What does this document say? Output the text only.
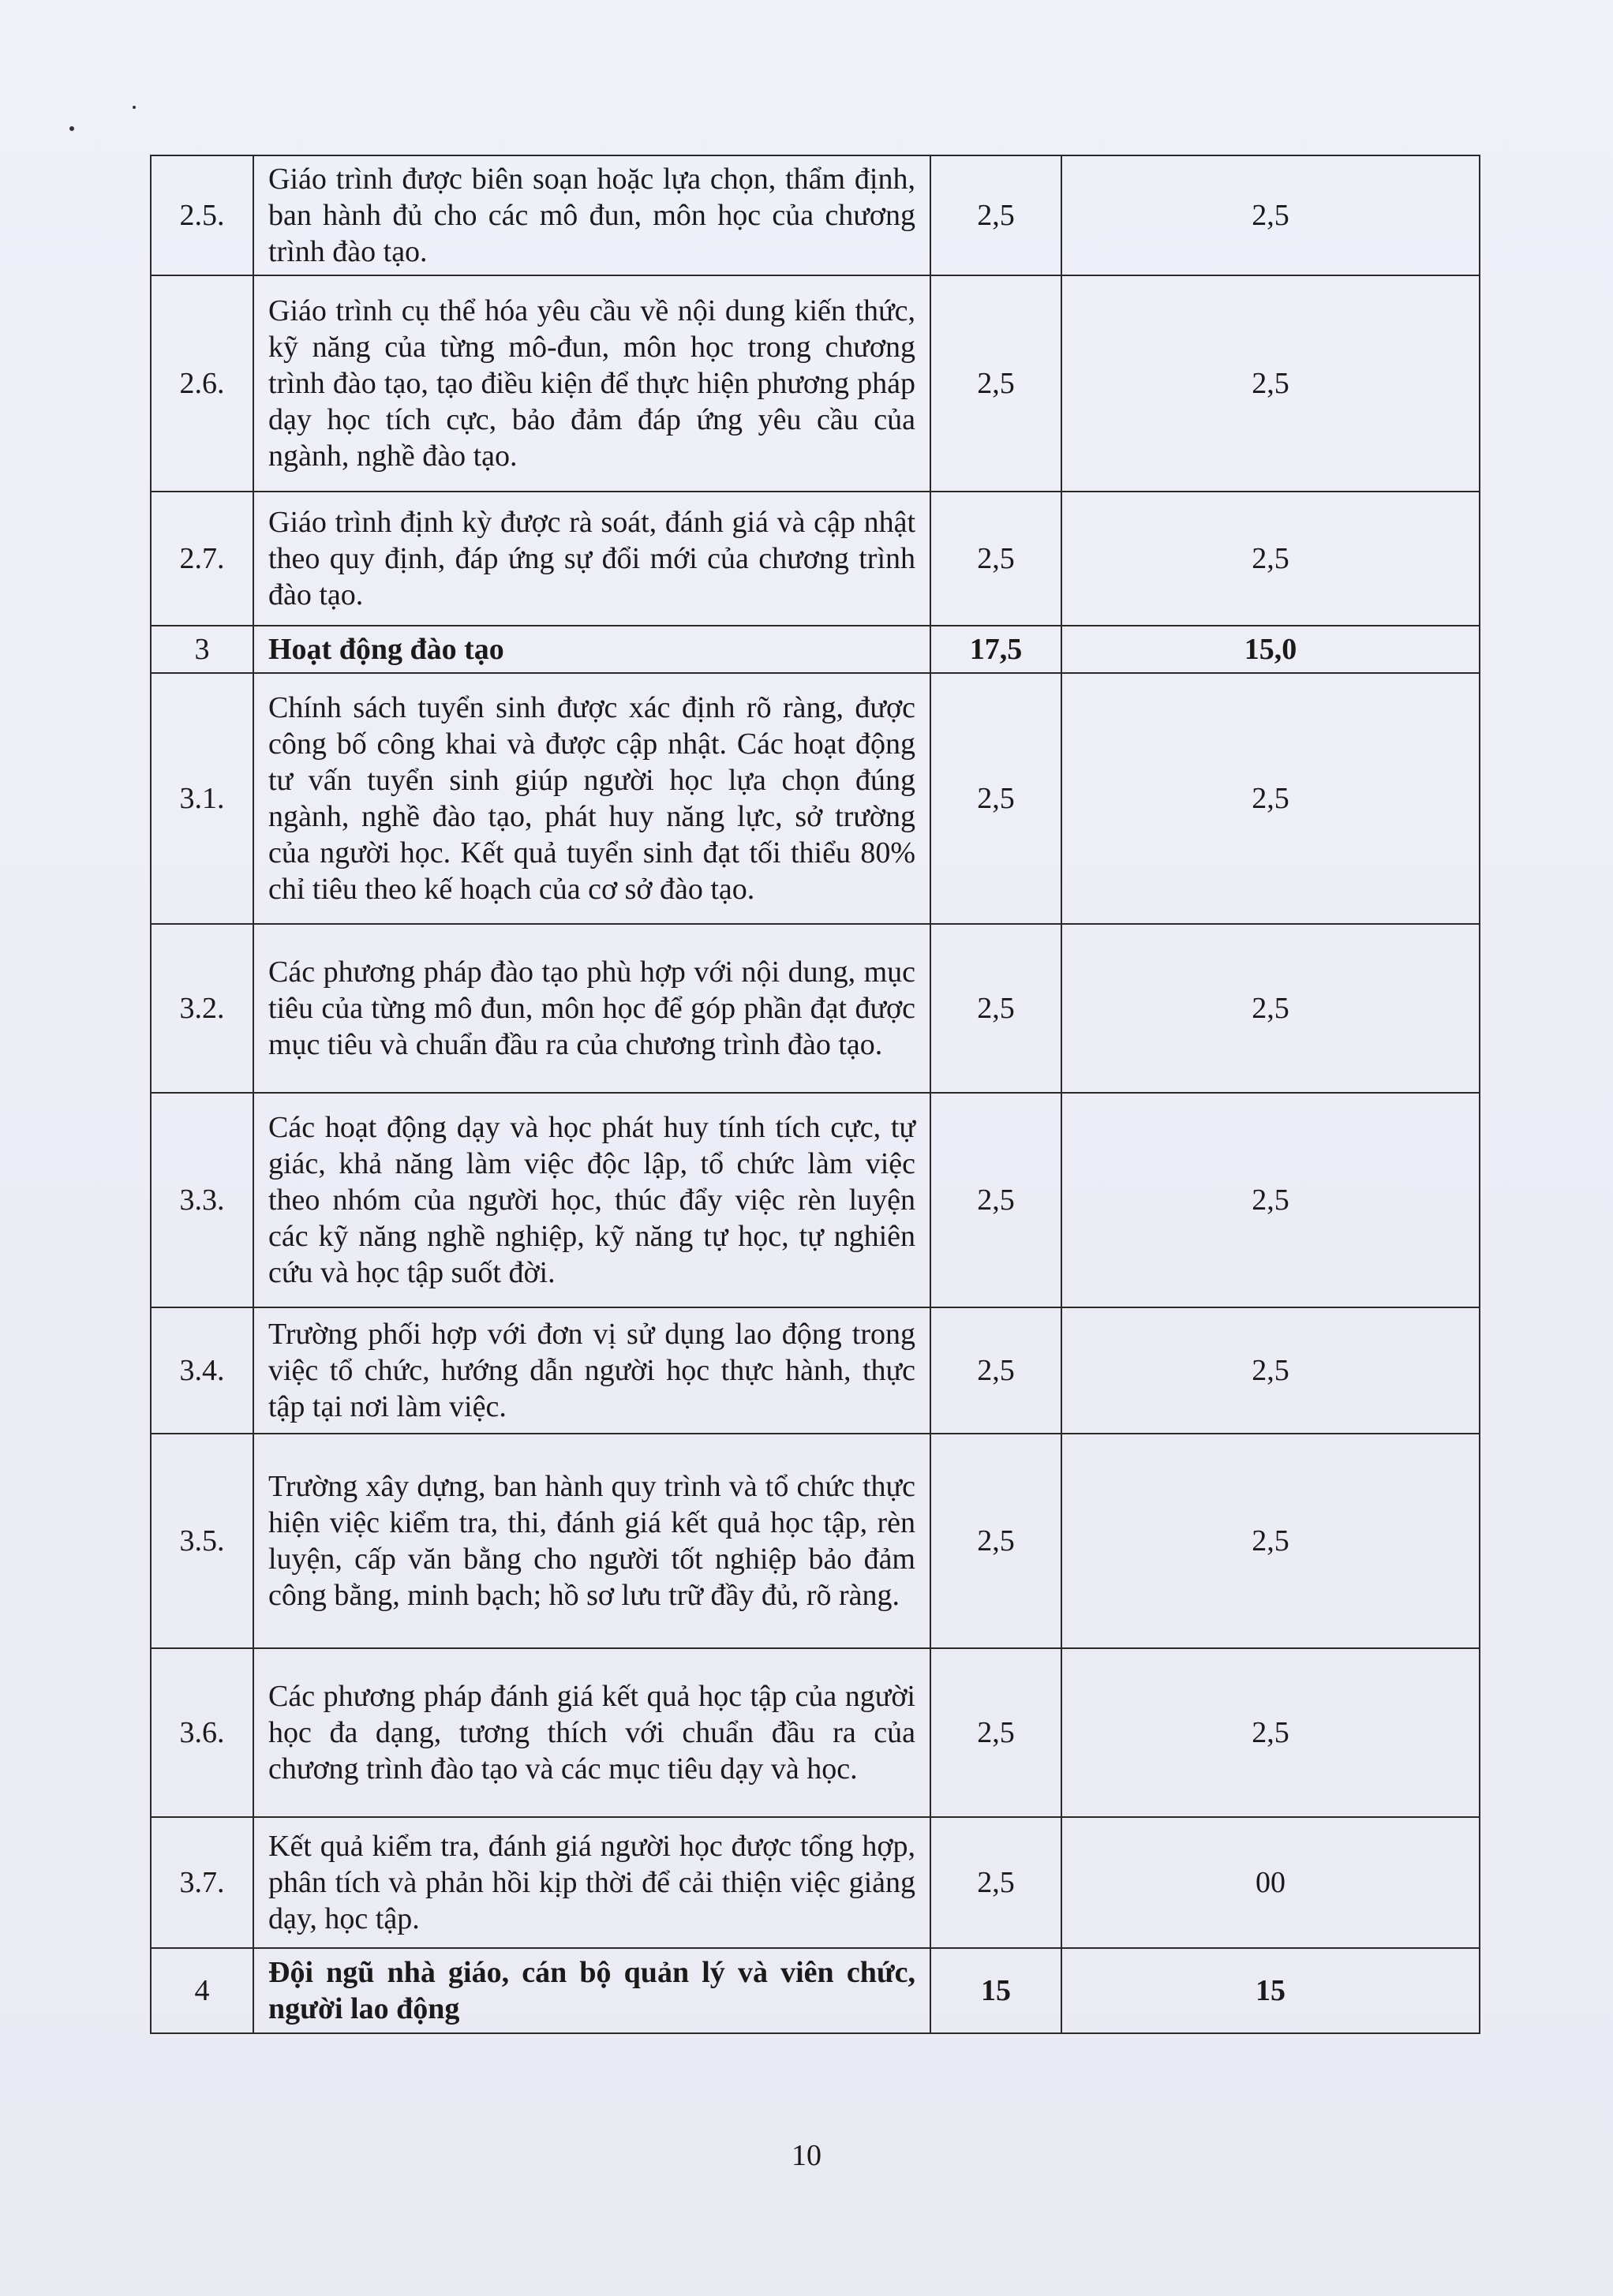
2.5.	Giáo trình được biên soạn hoặc lựa chọn, thẩm định, ban hành đủ cho các mô đun, môn học của chương trình đào tạo.	2,5	2,5
2.6.	Giáo trình cụ thể hóa yêu cầu về nội dung kiến thức, kỹ năng của từng mô-đun, môn học trong chương trình đào tạo, tạo điều kiện để thực hiện phương pháp dạy học tích cực, bảo đảm đáp ứng yêu cầu của ngành, nghề đào tạo.	2,5	2,5
2.7.	Giáo trình định kỳ được rà soát, đánh giá và cập nhật theo quy định, đáp ứng sự đổi mới của chương trình đào tạo.	2,5	2,5
3	Hoạt động đào tạo	17,5	15,0
3.1.	Chính sách tuyển sinh được xác định rõ ràng, được công bố công khai và được cập nhật. Các hoạt động tư vấn tuyển sinh giúp người học lựa chọn đúng ngành, nghề đào tạo, phát huy năng lực, sở trường của người học. Kết quả tuyển sinh đạt tối thiểu 80% chỉ tiêu theo kế hoạch của cơ sở đào tạo.	2,5	2,5
3.2.	Các phương pháp đào tạo phù hợp với nội dung, mục tiêu của từng mô đun, môn học để góp phần đạt được mục tiêu và chuẩn đầu ra của chương trình đào tạo.	2,5	2,5
3.3.	Các hoạt động dạy và học phát huy tính tích cực, tự giác, khả năng làm việc độc lập, tổ chức làm việc theo nhóm của người học, thúc đẩy việc rèn luyện các kỹ năng nghề nghiệp, kỹ năng tự học, tự nghiên cứu và học tập suốt đời.	2,5	2,5
3.4.	Trường phối hợp với đơn vị sử dụng lao động trong việc tổ chức, hướng dẫn người học thực hành, thực tập tại nơi làm việc.	2,5	2,5
3.5.	Trường xây dựng, ban hành quy trình và tổ chức thực hiện việc kiểm tra, thi, đánh giá kết quả học tập, rèn luyện, cấp văn bằng cho người tốt nghiệp bảo đảm công bằng, minh bạch; hồ sơ lưu trữ đầy đủ, rõ ràng.	2,5	2,5
3.6.	Các phương pháp đánh giá kết quả học tập của người học đa dạng, tương thích với chuẩn đầu ra của chương trình đào tạo và các mục tiêu dạy và học.	2,5	2,5
3.7.	Kết quả kiểm tra, đánh giá người học được tổng hợp, phân tích và phản hồi kịp thời để cải thiện việc giảng dạy, học tập.	2,5	00
4	Đội ngũ nhà giáo, cán bộ quản lý và viên chức, người lao động	15	15
10
